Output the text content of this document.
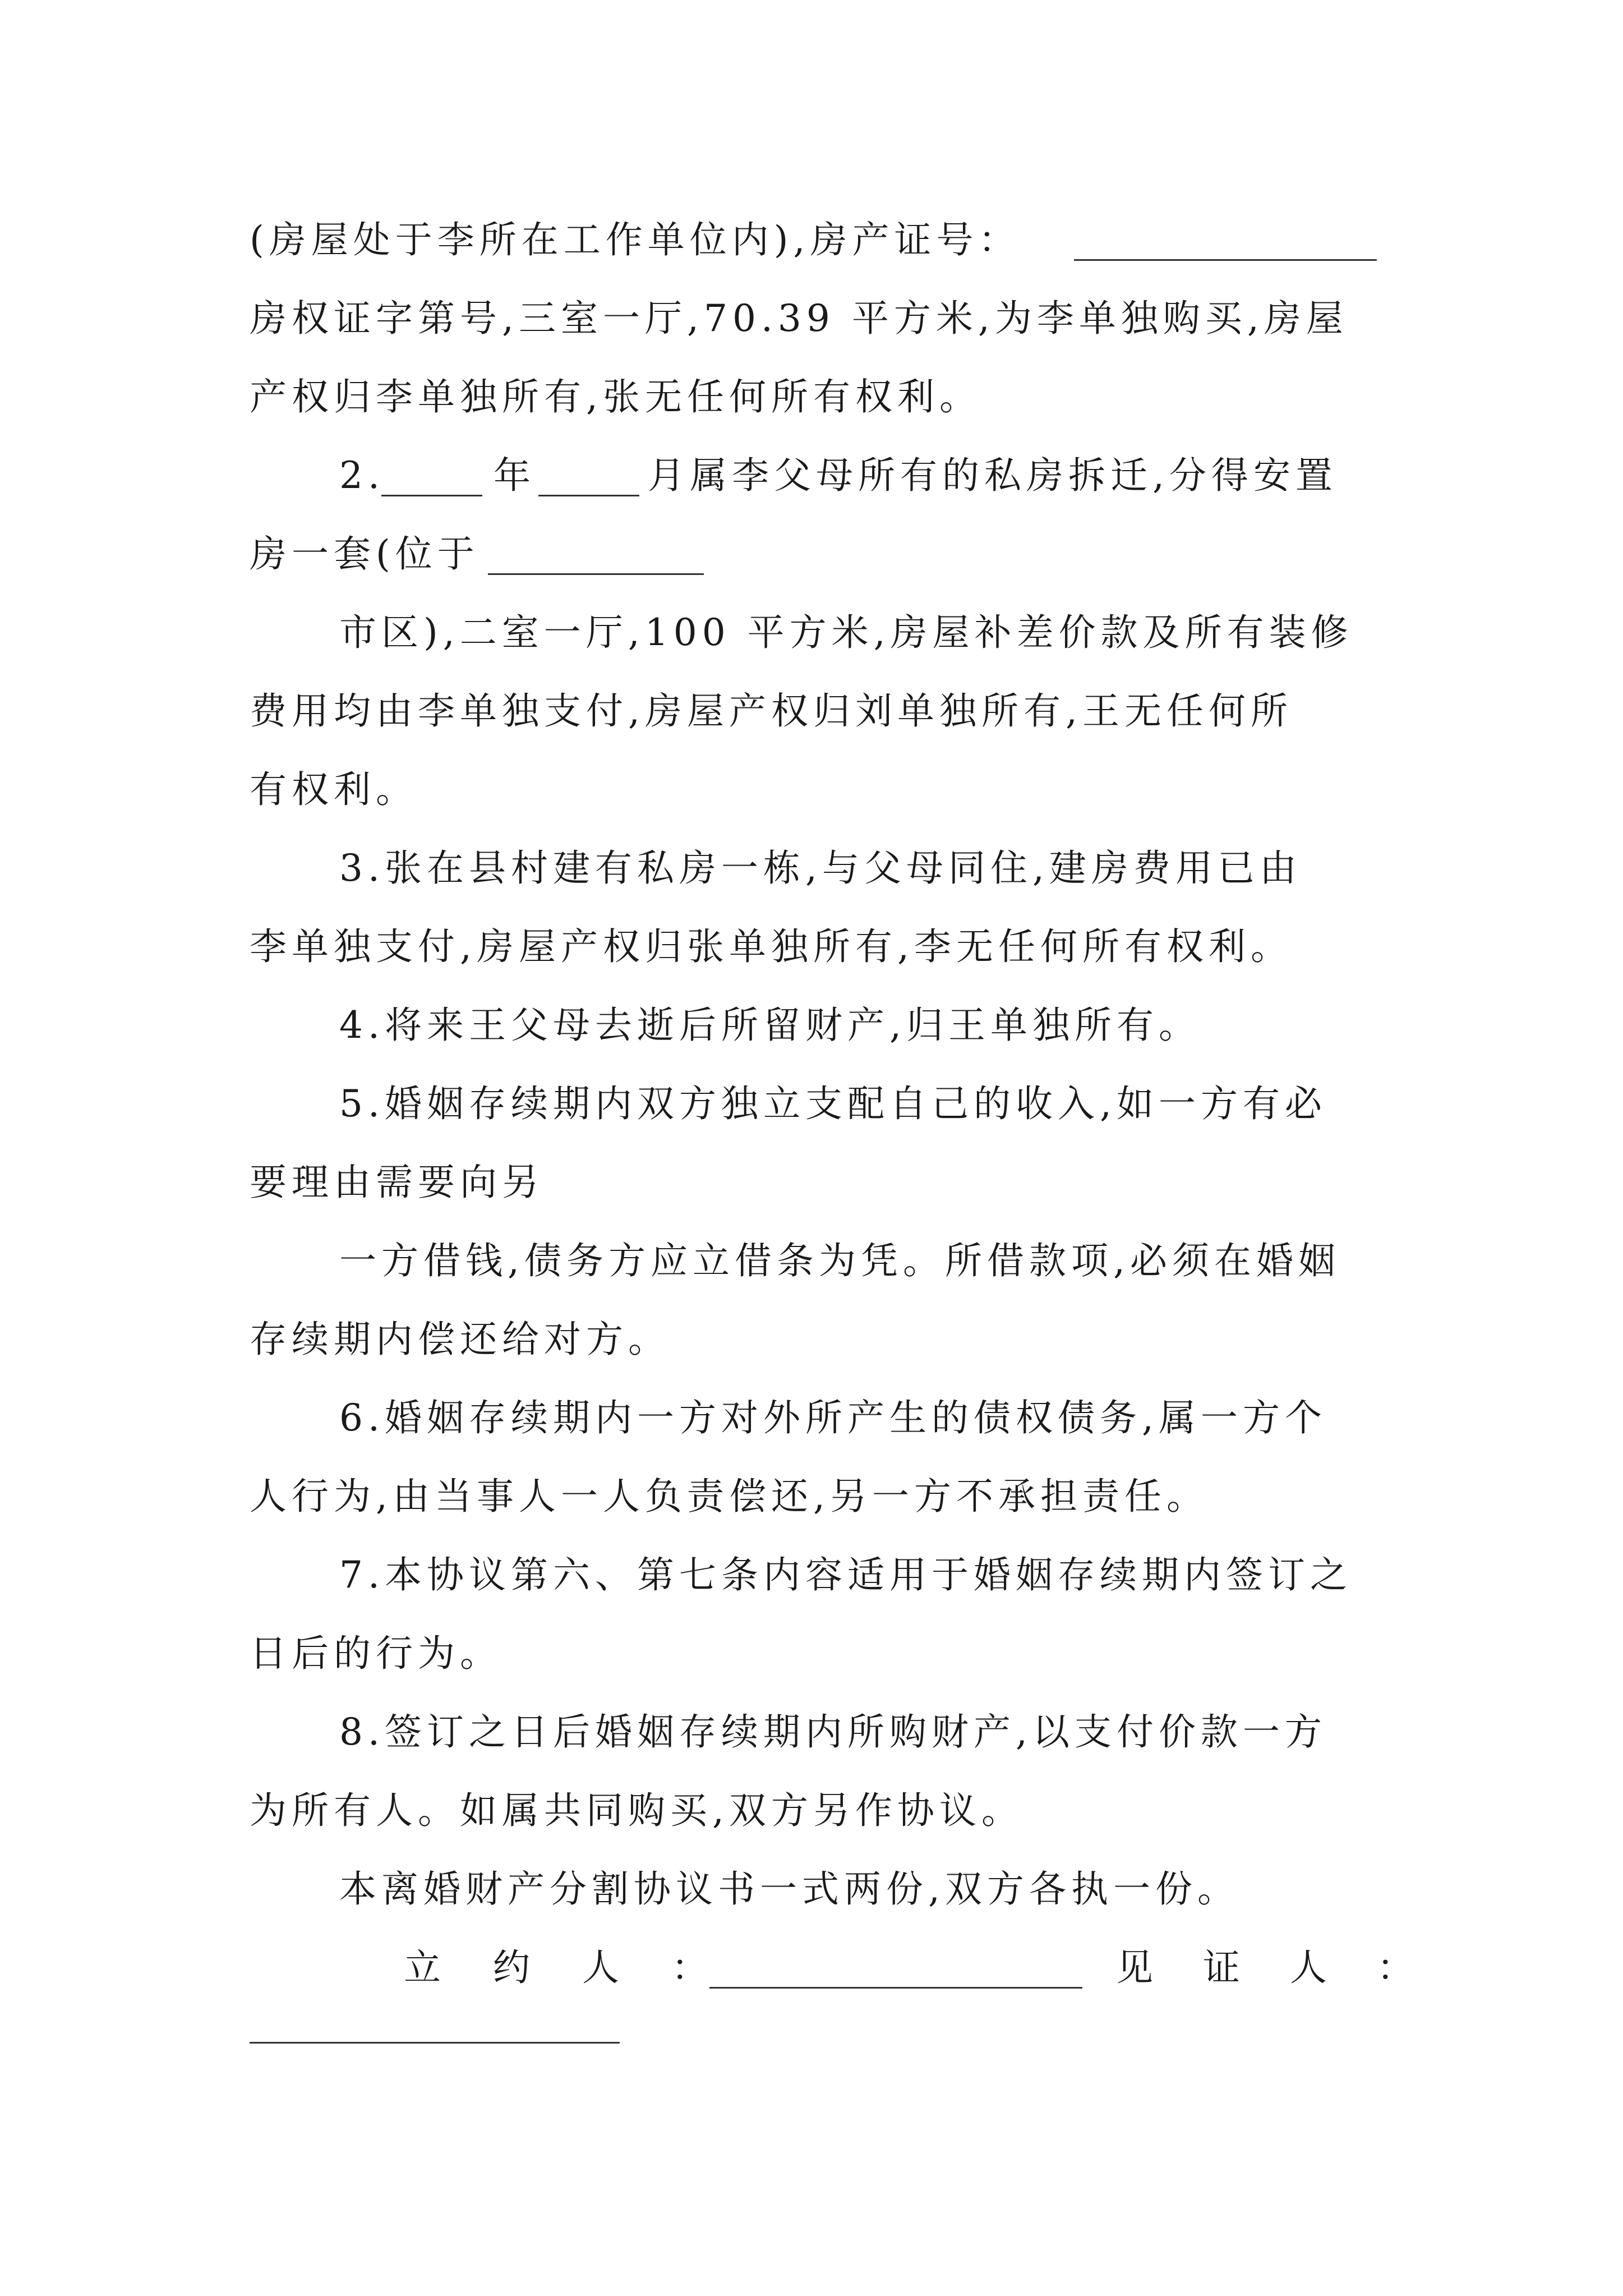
(房屋处于李所在工作单位内),房产证号：
房权证字第号,三室一厅,70.39 平方米,为李单独购买,房屋
产权归李单独所有,张无任何所有权利。
2.	年	月属李父母所有的私房拆迁,分得安置
房一套(位于
市区),二室一厅,100 平方米,房屋补差价款及所有装修
费用均由李单独支付,房屋产权归刘单独所有,王无任何所
有权利。
3.张在县村建有私房一栋,与父母同住,建房费用已由
李单独支付,房屋产权归张单独所有,李无任何所有权利。
4.将来王父母去逝后所留财产,归王单独所有。
5.婚姻存续期内双方独立支配自己的收入,如一方有必
要理由需要向另
一方借钱,债务方应立借条为凭。所借款项,必须在婚姻
存续期内偿还给对方。
6.婚姻存续期内一方对外所产生的债权债务,属一方个
人行为,由当事人一人负责偿还,另一方不承担责任。
7.本协议第六、第七条内容适用于婚姻存续期内签订之
日后的行为。
8.签订之日后婚姻存续期内所购财产,以支付价款一方
为所有人。如属共同购买,双方另作协议。
本离婚财产分割协议书一式两份,双方各执一份。
立 约 人 ：	见 证 人 ：
